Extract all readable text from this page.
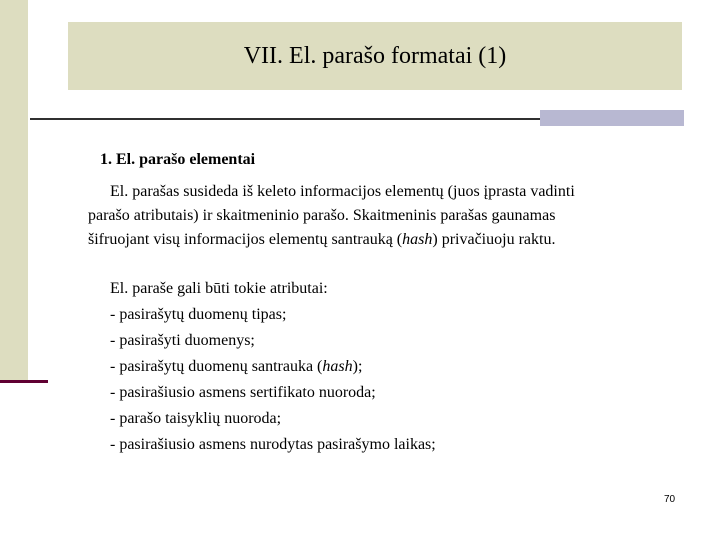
VII. El. parašo formatai (1)
1. El. parašo elementai
El. parašas susideda iš keleto informacijos elementų (juos įprasta vadinti
parašo atributais) ir skaitmeninio parašo. Skaitmeninis parašas gaunamas
šifruojant visų informacijos elementų santrauką (hash) privačiuoju raktu.
El. paraše gali būti tokie atributai:
- pasirašytų duomenų tipas;
- pasirašyti duomenys;
- pasirašytų duomenų santrauka (hash);
- pasirašiusio asmens sertifikato nuoroda;
- parašo taisyklių nuoroda;
- pasirašiusio asmens nurodytas pasirašymo laikas;
70
